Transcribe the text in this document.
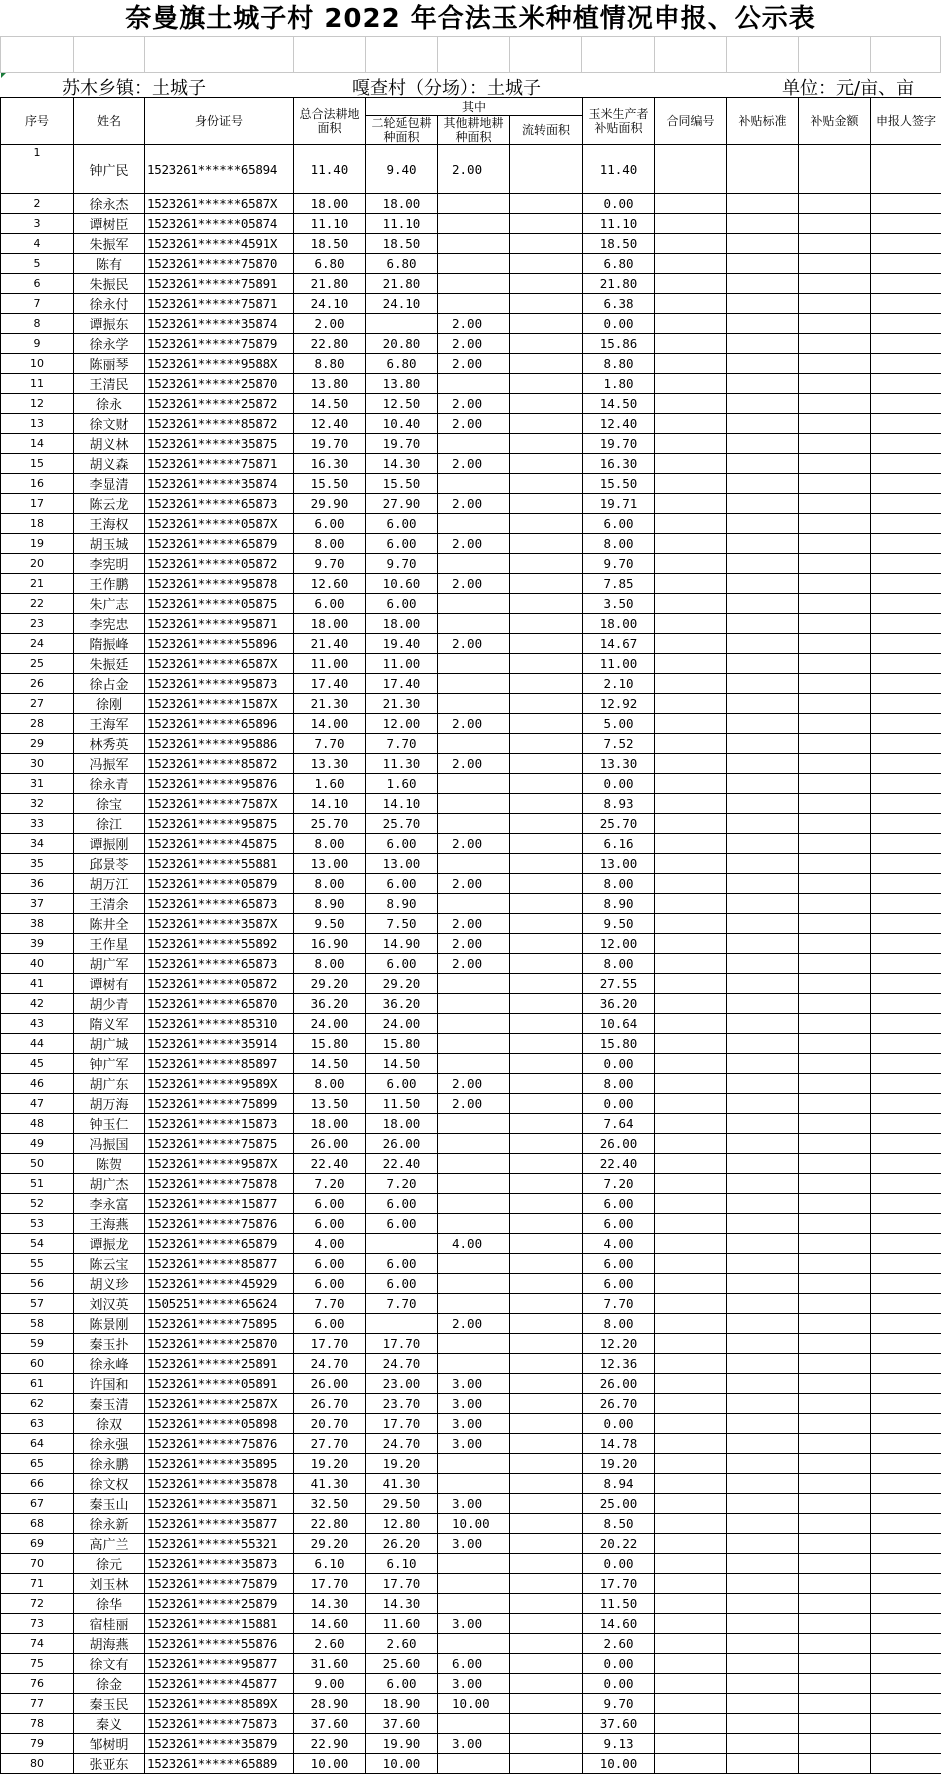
奈曼旗土城子村 2022 年合法玉米种植情况申报、公示表

苏木乡镇：土城子	嘎查村（分场）：土城子	单位：元/亩、亩
序号	姓名	身份证号	总合法耕地面积	其中			玉米生产者补贴面积	合同编号	补贴标准	补贴金额	申报人签字
				二轮延包耕种面积	其他耕地耕种面积	流转面积					
1	钟广民	1523261******65894	11.40	9.40	2.00		11.40				
2	徐永杰	1523261******6587X	18.00	18.00			0.00				
3	谭树臣	1523261******05874	11.10	11.10			11.10				
4	朱振军	1523261******4591X	18.50	18.50			18.50				
5	陈有	1523261******75870	6.80	6.80			6.80				
6	朱振民	1523261******75891	21.80	21.80			21.80				
7	徐永付	1523261******75871	24.10	24.10			6.38				
8	谭振东	1523261******35874	2.00		2.00		0.00				
9	徐永学	1523261******75879	22.80	20.80	2.00		15.86				
10	陈丽琴	1523261******9588X	8.80	6.80	2.00		8.80				
11	王清民	1523261******25870	13.80	13.80			1.80				
12	徐永	1523261******25872	14.50	12.50	2.00		14.50				
13	徐文财	1523261******85872	12.40	10.40	2.00		12.40				
14	胡义林	1523261******35875	19.70	19.70			19.70				
15	胡义森	1523261******75871	16.30	14.30	2.00		16.30				
16	李显清	1523261******35874	15.50	15.50			15.50				
17	陈云龙	1523261******65873	29.90	27.90	2.00		19.71				
18	王海权	1523261******0587X	6.00	6.00			6.00				
19	胡玉城	1523261******65879	8.00	6.00	2.00		8.00				
20	李宪明	1523261******05872	9.70	9.70			9.70				
21	王作鹏	1523261******95878	12.60	10.60	2.00		7.85				
22	朱广志	1523261******05875	6.00	6.00			3.50				
23	李宪忠	1523261******95871	18.00	18.00			18.00				
24	隋振峰	1523261******55896	21.40	19.40	2.00		14.67				
25	朱振廷	1523261******6587X	11.00	11.00			11.00				
26	徐占金	1523261******95873	17.40	17.40			2.10				
27	徐刚	1523261******1587X	21.30	21.30			12.92				
28	王海军	1523261******65896	14.00	12.00	2.00		5.00				
29	林秀英	1523261******95886	7.70	7.70			7.52				
30	冯振军	1523261******85872	13.30	11.30	2.00		13.30				
31	徐永青	1523261******95876	1.60	1.60			0.00				
32	徐宝	1523261******7587X	14.10	14.10			8.93				
33	徐江	1523261******95875	25.70	25.70			25.70				
34	谭振刚	1523261******45875	8.00	6.00	2.00		6.16				
35	邱景苓	1523261******55881	13.00	13.00			13.00				
36	胡万江	1523261******05879	8.00	6.00	2.00		8.00				
37	王清余	1523261******65873	8.90	8.90			8.90				
38	陈井全	1523261******3587X	9.50	7.50	2.00		9.50				
39	王作星	1523261******55892	16.90	14.90	2.00		12.00				
40	胡广军	1523261******65873	8.00	6.00	2.00		8.00				
41	谭树有	1523261******05872	29.20	29.20			27.55				
42	胡少青	1523261******65870	36.20	36.20			36.20				
43	隋义军	1523261******85310	24.00	24.00			10.64				
44	胡广城	1523261******35914	15.80	15.80			15.80				
45	钟广军	1523261******85897	14.50	14.50			0.00				
46	胡广东	1523261******9589X	8.00	6.00	2.00		8.00				
47	胡万海	1523261******75899	13.50	11.50	2.00		0.00				
48	钟玉仁	1523261******15873	18.00	18.00			7.64				
49	冯振国	1523261******75875	26.00	26.00			26.00				
50	陈贺	1523261******9587X	22.40	22.40			22.40				
51	胡广杰	1523261******75878	7.20	7.20			7.20				
52	李永富	1523261******15877	6.00	6.00			6.00				
53	王海燕	1523261******75876	6.00	6.00			6.00				
54	谭振龙	1523261******65879	4.00		4.00		4.00				
55	陈云宝	1523261******85877	6.00	6.00			6.00				
56	胡义珍	1523261******45929	6.00	6.00			6.00				
57	刘汉英	1505251******65624	7.70	7.70			7.70				
58	陈景刚	1523261******75895	6.00		2.00		8.00				
59	秦玉扑	1523261******25870	17.70	17.70			12.20				
60	徐永峰	1523261******25891	24.70	24.70			12.36				
61	许国和	1523261******05891	26.00	23.00	3.00		26.00				
62	秦玉清	1523261******2587X	26.70	23.70	3.00		26.70				
63	徐双	1523261******05898	20.70	17.70	3.00		0.00				
64	徐永强	1523261******75876	27.70	24.70	3.00		14.78				
65	徐永鹏	1523261******35895	19.20	19.20			19.20				
66	徐文权	1523261******35878	41.30	41.30			8.94				
67	秦玉山	1523261******35871	32.50	29.50	3.00		25.00				
68	徐永新	1523261******35877	22.80	12.80	10.00		8.50				
69	高广兰	1523261******55321	29.20	26.20	3.00		20.22				
70	徐元	1523261******35873	6.10	6.10			0.00				
71	刘玉林	1523261******75879	17.70	17.70			17.70				
72	徐华	1523261******25879	14.30	14.30			11.50				
73	宿桂丽	1523261******15881	14.60	11.60	3.00		14.60				
74	胡海燕	1523261******55876	2.60	2.60			2.60				
75	徐文有	1523261******95877	31.60	25.60	6.00		0.00				
76	徐金	1523261******45877	9.00	6.00	3.00		0.00				
77	秦玉民	1523261******8589X	28.90	18.90	10.00		9.70				
78	秦义	1523261******75873	37.60	37.60			37.60				
79	邹树明	1523261******35879	22.90	19.90	3.00		9.13				
80	张亚东	1523261******65889	10.00	10.00			10.00				
